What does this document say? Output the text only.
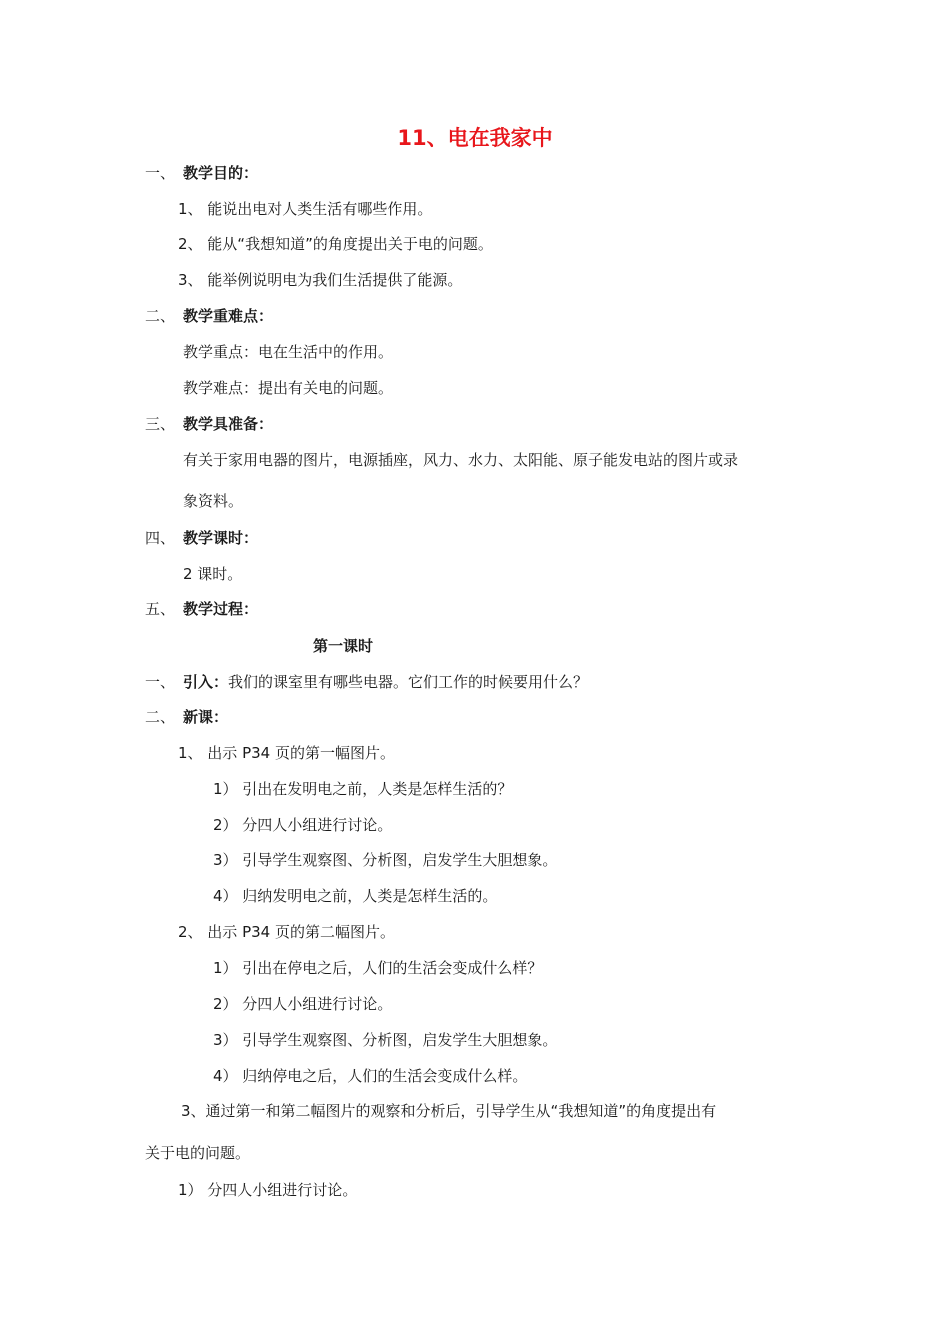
11、电在我家中
一、 教学目的：
1、 能说出电对人类生活有哪些作用。
2、 能从“我想知道”的角度提出关于电的问题。
3、 能举例说明电为我们生活提供了能源。
二、 教学重难点：
教学重点：电在生活中的作用。
教学难点：提出有关电的问题。
三、 教学具准备：
有关于家用电器的图片，电源插座，风力、水力、太阳能、原子能发电站的图片或录
象资料。
四、 教学课时：
2 课时。
五、 教学过程：
第一课时
一、 引入：我们的课室里有哪些电器。它们工作的时候要用什么？
二、 新课：
1、 出示 P34 页的第一幅图片。
1） 引出在发明电之前，人类是怎样生活的？
2） 分四人小组进行讨论。
3） 引导学生观察图、分析图，启发学生大胆想象。
4） 归纳发明电之前，人类是怎样生活的。
2、 出示 P34 页的第二幅图片。
1） 引出在停电之后，人们的生活会变成什么样？
2） 分四人小组进行讨论。
3） 引导学生观察图、分析图，启发学生大胆想象。
4） 归纳停电之后，人们的生活会变成什么样。
3、通过第一和第二幅图片的观察和分析后，引导学生从“我想知道”的角度提出有
关于电的问题。
1） 分四人小组进行讨论。
